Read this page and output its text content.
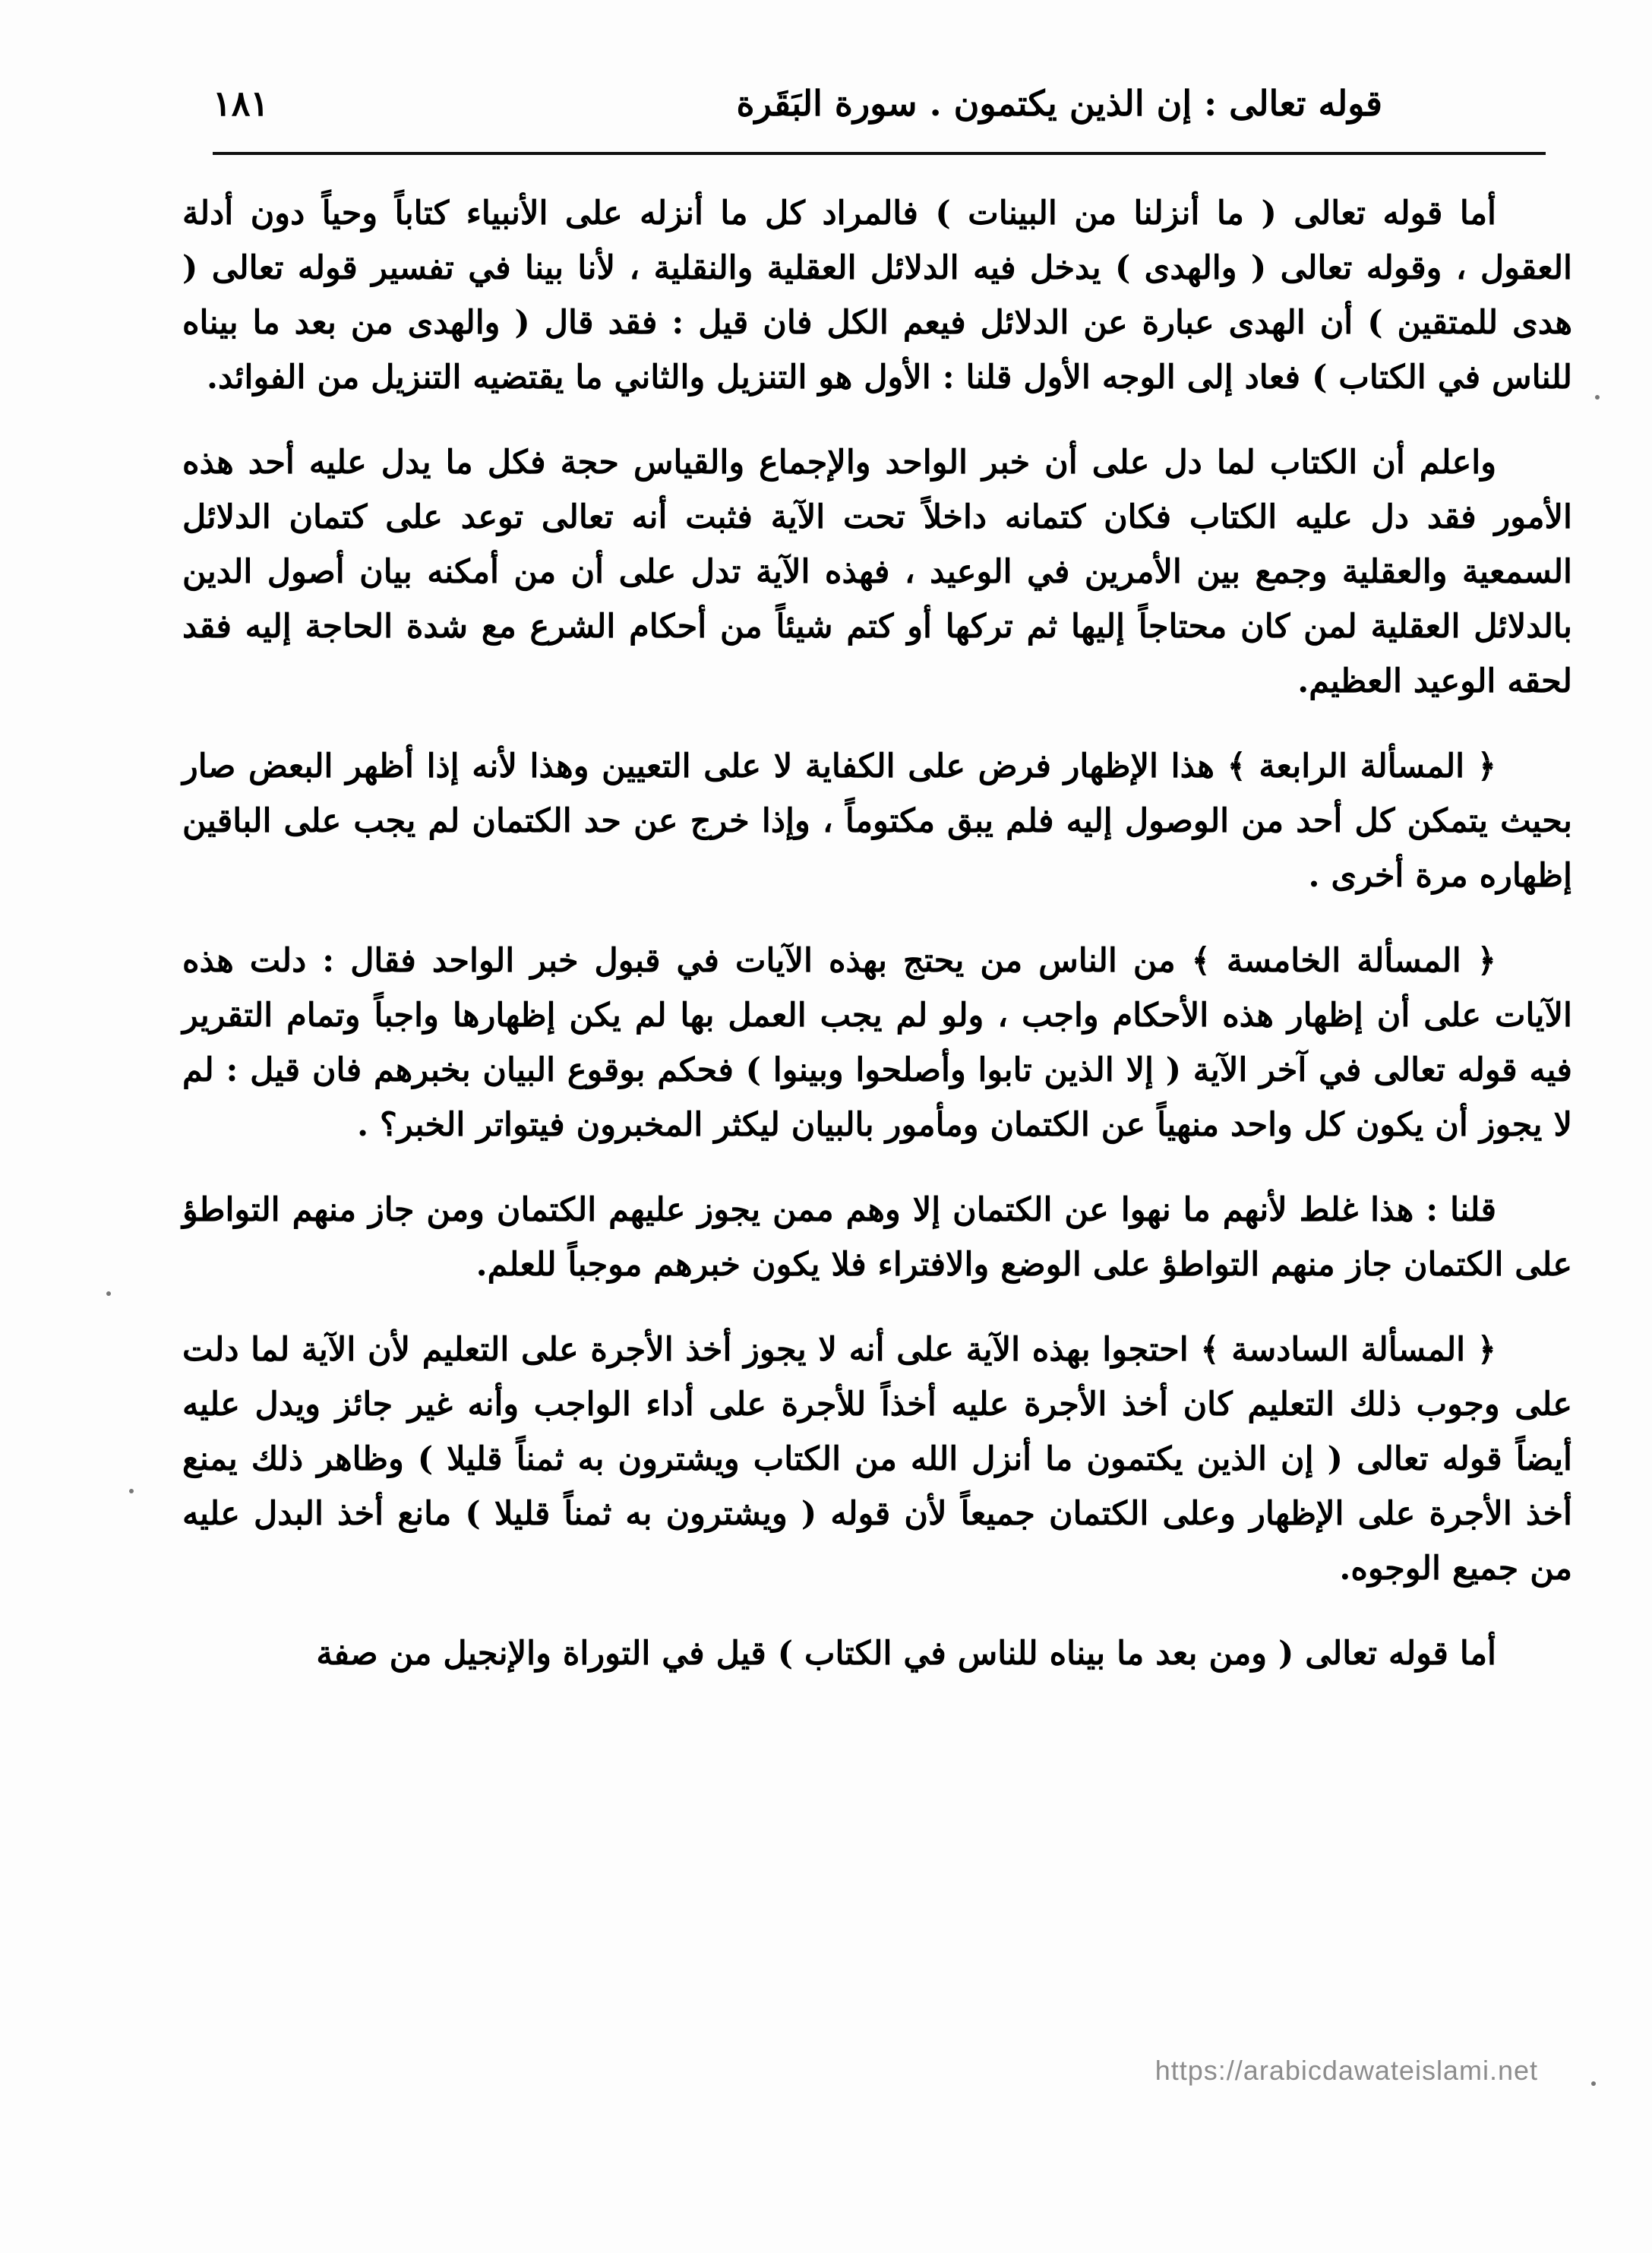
قوله تعالى : إن الذين يكتمون . سورة البَقَرة
١٨١

أما قوله تعالى ( ما أنزلنا من البينات ) فالمراد كل ما أنزله على الأنبياء كتاباً وحياً دون أدلة العقول ، وقوله تعالى ( والهدى ) يدخل فيه الدلائل العقلية والنقلية ، لأنا بينا في تفسير قوله تعالى ( هدى للمتقين ) أن الهدى عبارة عن الدلائل فيعم الكل فان قيل : فقد قال ( والهدى من بعد ما بيناه للناس في الكتاب ) فعاد إلى الوجه الأول قلنا : الأول هو التنزيل والثاني ما يقتضيه التنزيل من الفوائد.

واعلم أن الكتاب لما دل على أن خبر الواحد والإجماع والقياس حجة فكل ما يدل عليه أحد هذه الأمور فقد دل عليه الكتاب فكان كتمانه داخلاً تحت الآية فثبت أنه تعالى توعد على كتمان الدلائل السمعية والعقلية وجمع بين الأمرين في الوعيد ، فهذه الآية تدل على أن من أمكنه بيان أصول الدين بالدلائل العقلية لمن كان محتاجاً إليها ثم تركها أو كتم شيئاً من أحكام الشرع مع شدة الحاجة إليه فقد لحقه الوعيد العظيم.

﴿ المسألة الرابعة ﴾ هذا الإظهار فرض على الكفاية لا على التعيين وهذا لأنه إذا أظهر البعض صار بحيث يتمكن كل أحد من الوصول إليه فلم يبق مكتوماً ، وإذا خرج عن حد الكتمان لم يجب على الباقين إظهاره مرة أخرى .

﴿ المسألة الخامسة ﴾ من الناس من يحتج بهذه الآيات في قبول خبر الواحد فقال : دلت هذه الآيات على أن إظهار هذه الأحكام واجب ، ولو لم يجب العمل بها لم يكن إظهارها واجباً وتمام التقرير فيه قوله تعالى في آخر الآية ( إلا الذين تابوا وأصلحوا وبينوا ) فحكم بوقوع البيان بخبرهم فان قيل : لم لا يجوز أن يكون كل واحد منهياً عن الكتمان ومأمور بالبيان ليكثر المخبرون فيتواتر الخبر؟ .

قلنا : هذا غلط لأنهم ما نهوا عن الكتمان إلا وهم ممن يجوز عليهم الكتمان ومن جاز منهم التواطؤ على الكتمان جاز منهم التواطؤ على الوضع والافتراء فلا يكون خبرهم موجباً للعلم.

﴿ المسألة السادسة ﴾ احتجوا بهذه الآية على أنه لا يجوز أخذ الأجرة على التعليم لأن الآية لما دلت على وجوب ذلك التعليم كان أخذ الأجرة عليه أخذاً للأجرة على أداء الواجب وأنه غير جائز ويدل عليه أيضاً قوله تعالى ( إن الذين يكتمون ما أنزل الله من الكتاب ويشترون به ثمناً قليلا ) وظاهر ذلك يمنع أخذ الأجرة على الإظهار وعلى الكتمان جميعاً لأن قوله ( ويشترون به ثمناً قليلا ) مانع أخذ البدل عليه من جميع الوجوه.

أما قوله تعالى ( ومن بعد ما بيناه للناس في الكتاب ) قيل في التوراة والإنجيل من صفة

https://arabicdawateislami.net
